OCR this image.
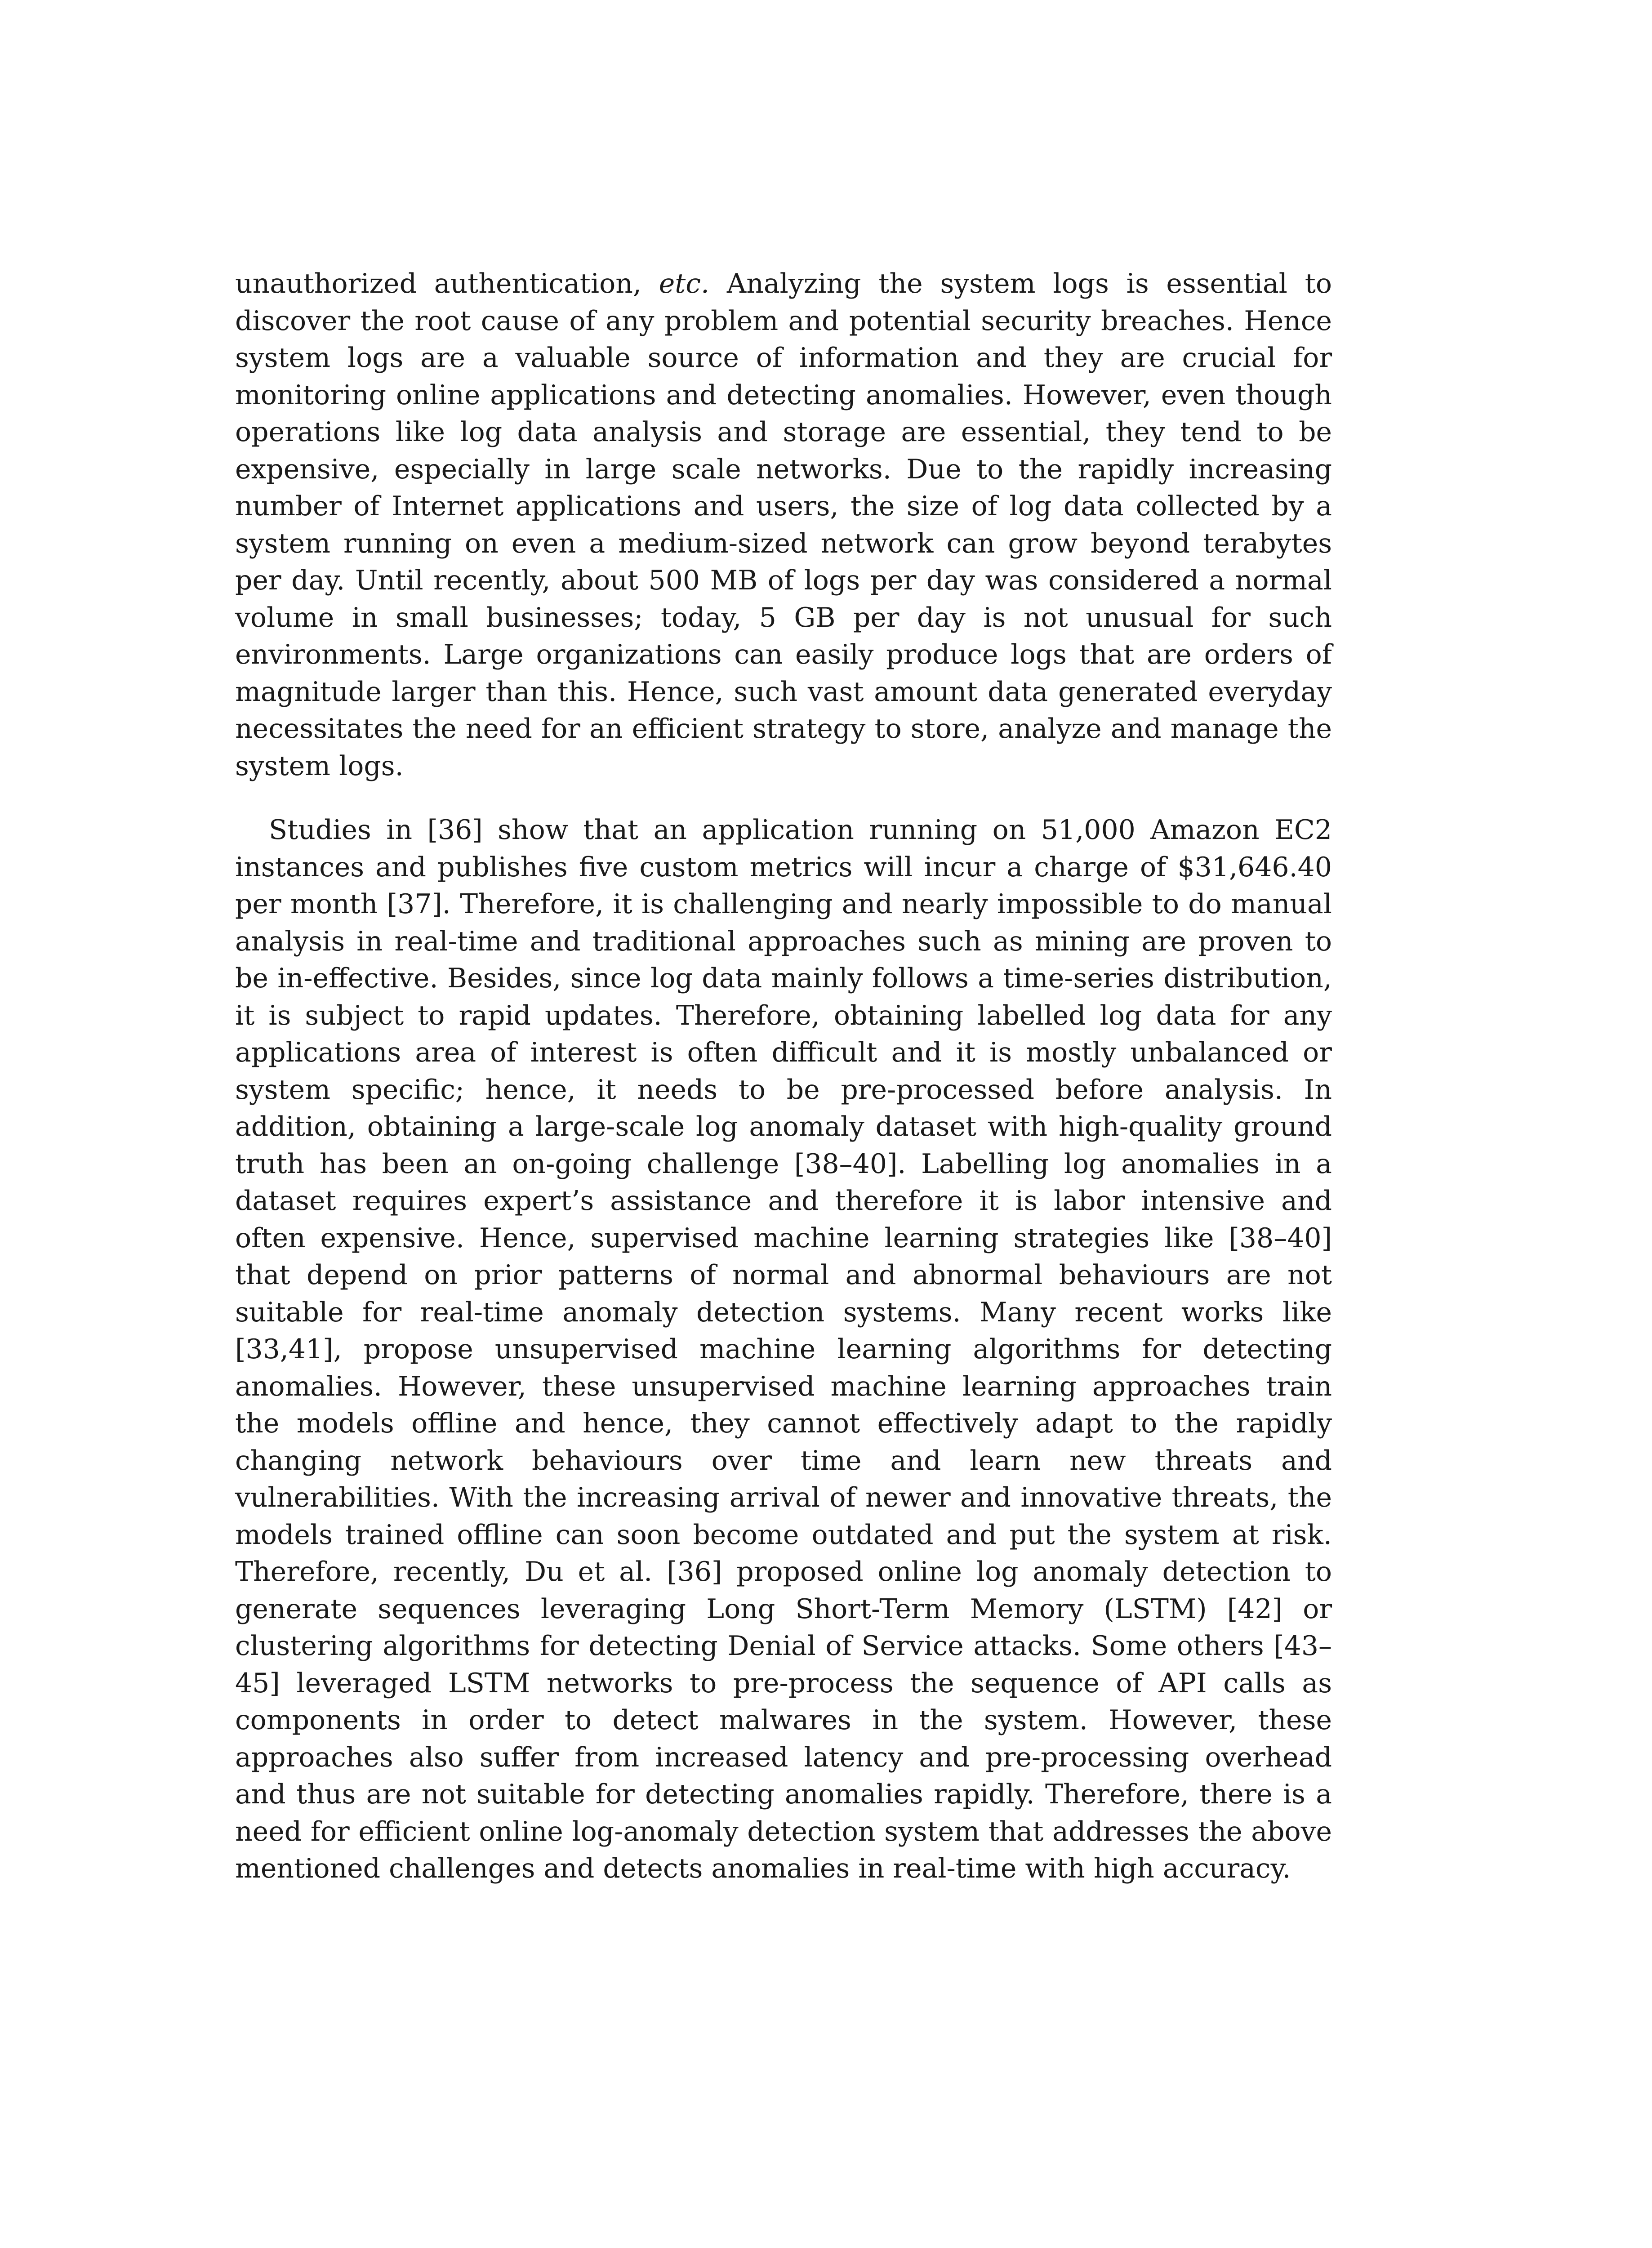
unauthorized authentication, etc. Analyzing the system logs is essential to discover the root cause of any problem and potential security breaches. Hence system logs are a valuable source of information and they are crucial for monitoring online applications and detecting anomalies. However, even though operations like log data analysis and storage are essential, they tend to be expensive, especially in large scale networks. Due to the rapidly increasing number of Internet applications and users, the size of log data collected by a system running on even a medium-sized network can grow beyond terabytes per day. Until recently, about 500 MB of logs per day was considered a normal volume in small businesses; today, 5 GB per day is not unusual for such environments. Large organizations can easily produce logs that are orders of magnitude larger than this. Hence, such vast amount data generated everyday necessitates the need for an efficient strategy to store, analyze and manage the system logs.

Studies in [36] show that an application running on 51,000 Amazon EC2 instances and publishes five custom metrics will incur a charge of $31,646.40 per month [37]. Therefore, it is challenging and nearly impossible to do manual analysis in real-time and traditional approaches such as mining are proven to be in-effective. Besides, since log data mainly follows a time-series distribution, it is subject to rapid updates. Therefore, obtaining labelled log data for any applications area of interest is often difficult and it is mostly unbalanced or system specific; hence, it needs to be pre-processed before analysis. In addition, obtaining a large-scale log anomaly dataset with high-quality ground truth has been an on-going challenge [38–40]. Labelling log anomalies in a dataset requires expert’s assistance and therefore it is labor intensive and often expensive. Hence, supervised machine learning strategies like [38–40] that depend on prior patterns of normal and abnormal behaviours are not suitable for real-time anomaly detection systems. Many recent works like [33,41], propose unsupervised machine learning algorithms for detecting anomalies. However, these unsupervised machine learning approaches train the models offline and hence, they cannot effectively adapt to the rapidly changing network behaviours over time and learn new threats and vulnerabilities. With the increasing arrival of newer and innovative threats, the models trained offline can soon become outdated and put the system at risk. Therefore, recently, Du et al. [36] proposed online log anomaly detection to generate sequences leveraging Long Short-Term Memory (LSTM) [42] or clustering algorithms for detecting Denial of Service attacks. Some others [43–45] leveraged LSTM networks to pre-process the sequence of API calls as components in order to detect malwares in the system. However, these approaches also suffer from increased latency and pre-processing overhead and thus are not suitable for detecting anomalies rapidly. Therefore, there is a need for efficient online log-anomaly detection system that addresses the above mentioned challenges and detects anomalies in real-time with high accuracy.
